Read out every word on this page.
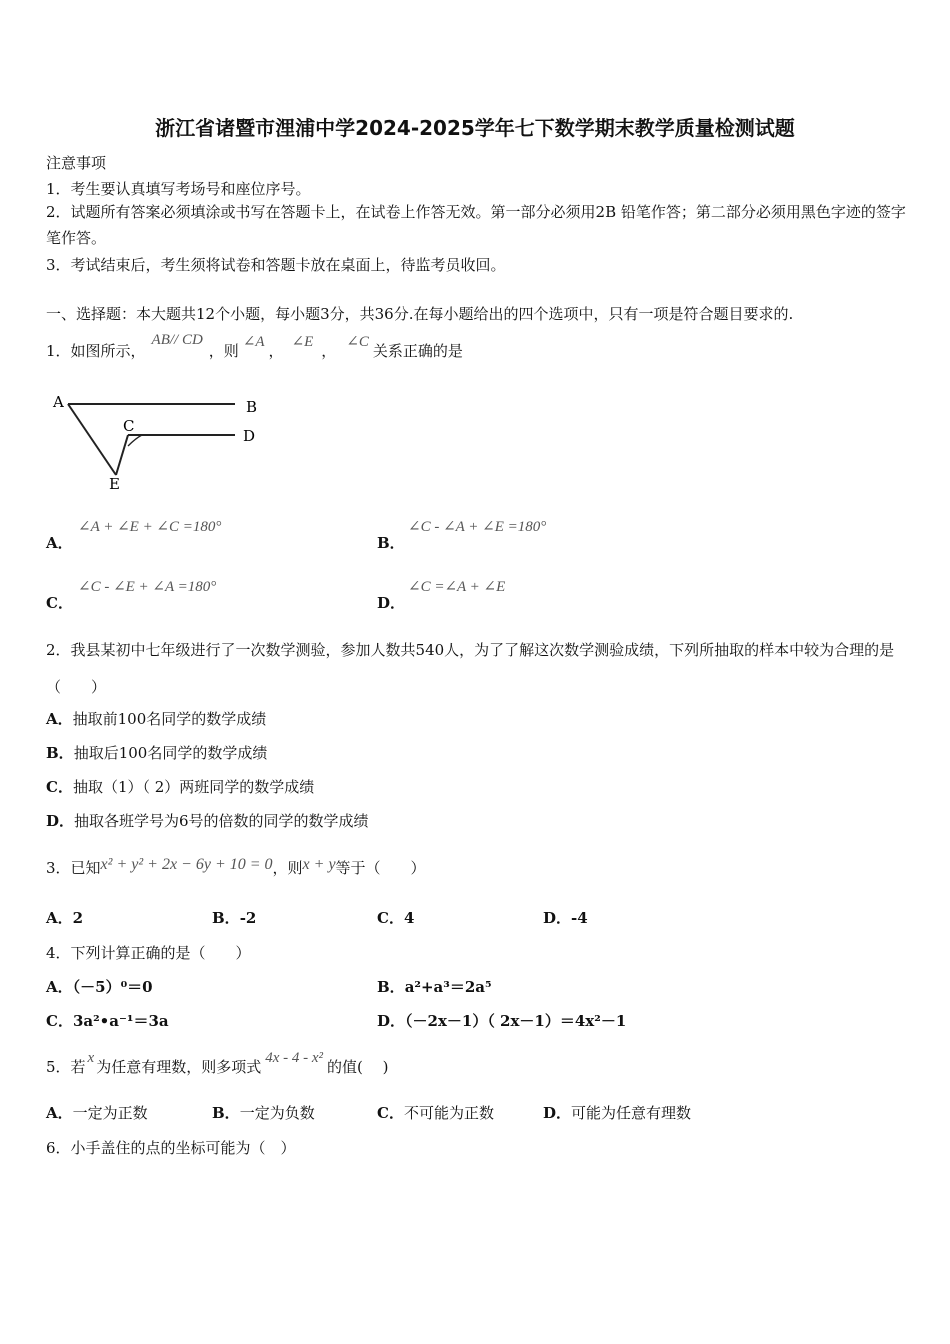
浙江省诸暨市浬浦中学2024-2025学年七下数学期末教学质量检测试题
注意事项
1．考生要认真填写考场号和座位序号。
2．试题所有答案必须填涂或书写在答题卡上，在试卷上作答无效。第一部分必须用2B 铅笔作答；第二部分必须用黑色字迹的签字笔作答。
3．考试结束后，考生须将试卷和答题卡放在桌面上，待监考员收回。
一、选择题：本大题共12个小题，每小题3分，共36分.在每小题给出的四个选项中，只有一项是符合题目要求的.
1．如图所示，AB// CD，则 ∠A ， ∠E ， ∠C 关系正确的是
A	B
C
D
E
A．
∠A + ∠E + ∠C =180°
B．
∠C - ∠A + ∠E =180°
C．
∠C - ∠E + ∠A =180°
D．
∠C =∠A + ∠E
2．我县某初中七年级进行了一次数学测验，参加人数共540人，为了了解这次数学测验成绩，下列所抽取的样本中较为合理的是（　　）
A．抽取前100名同学的数学成绩
B．抽取后100名同学的数学成绩
C．抽取（1）（ 2）两班同学的数学成绩
D．抽取各班学号为6号的倍数的同学的数学成绩
3．已知x² + y² + 2x − 6y + 10 = 0，则x + y等于（　　）
A．2	B．-2	C．4	D．-4
4．下列计算正确的是（　　）
A．（－5）⁰＝0	B．a²+a³＝2a⁵
C．3a²•a⁻¹＝3a	D．（－2x－1）（ 2x－1）＝4x²－1
5．若 x 为任意有理数，则多项式 4x - 4 - x² 的值(　 )
A．一定为正数	B．一定为负数	C．不可能为正数	D．可能为任意有理数
6．小手盖住的点的坐标可能为（　）
